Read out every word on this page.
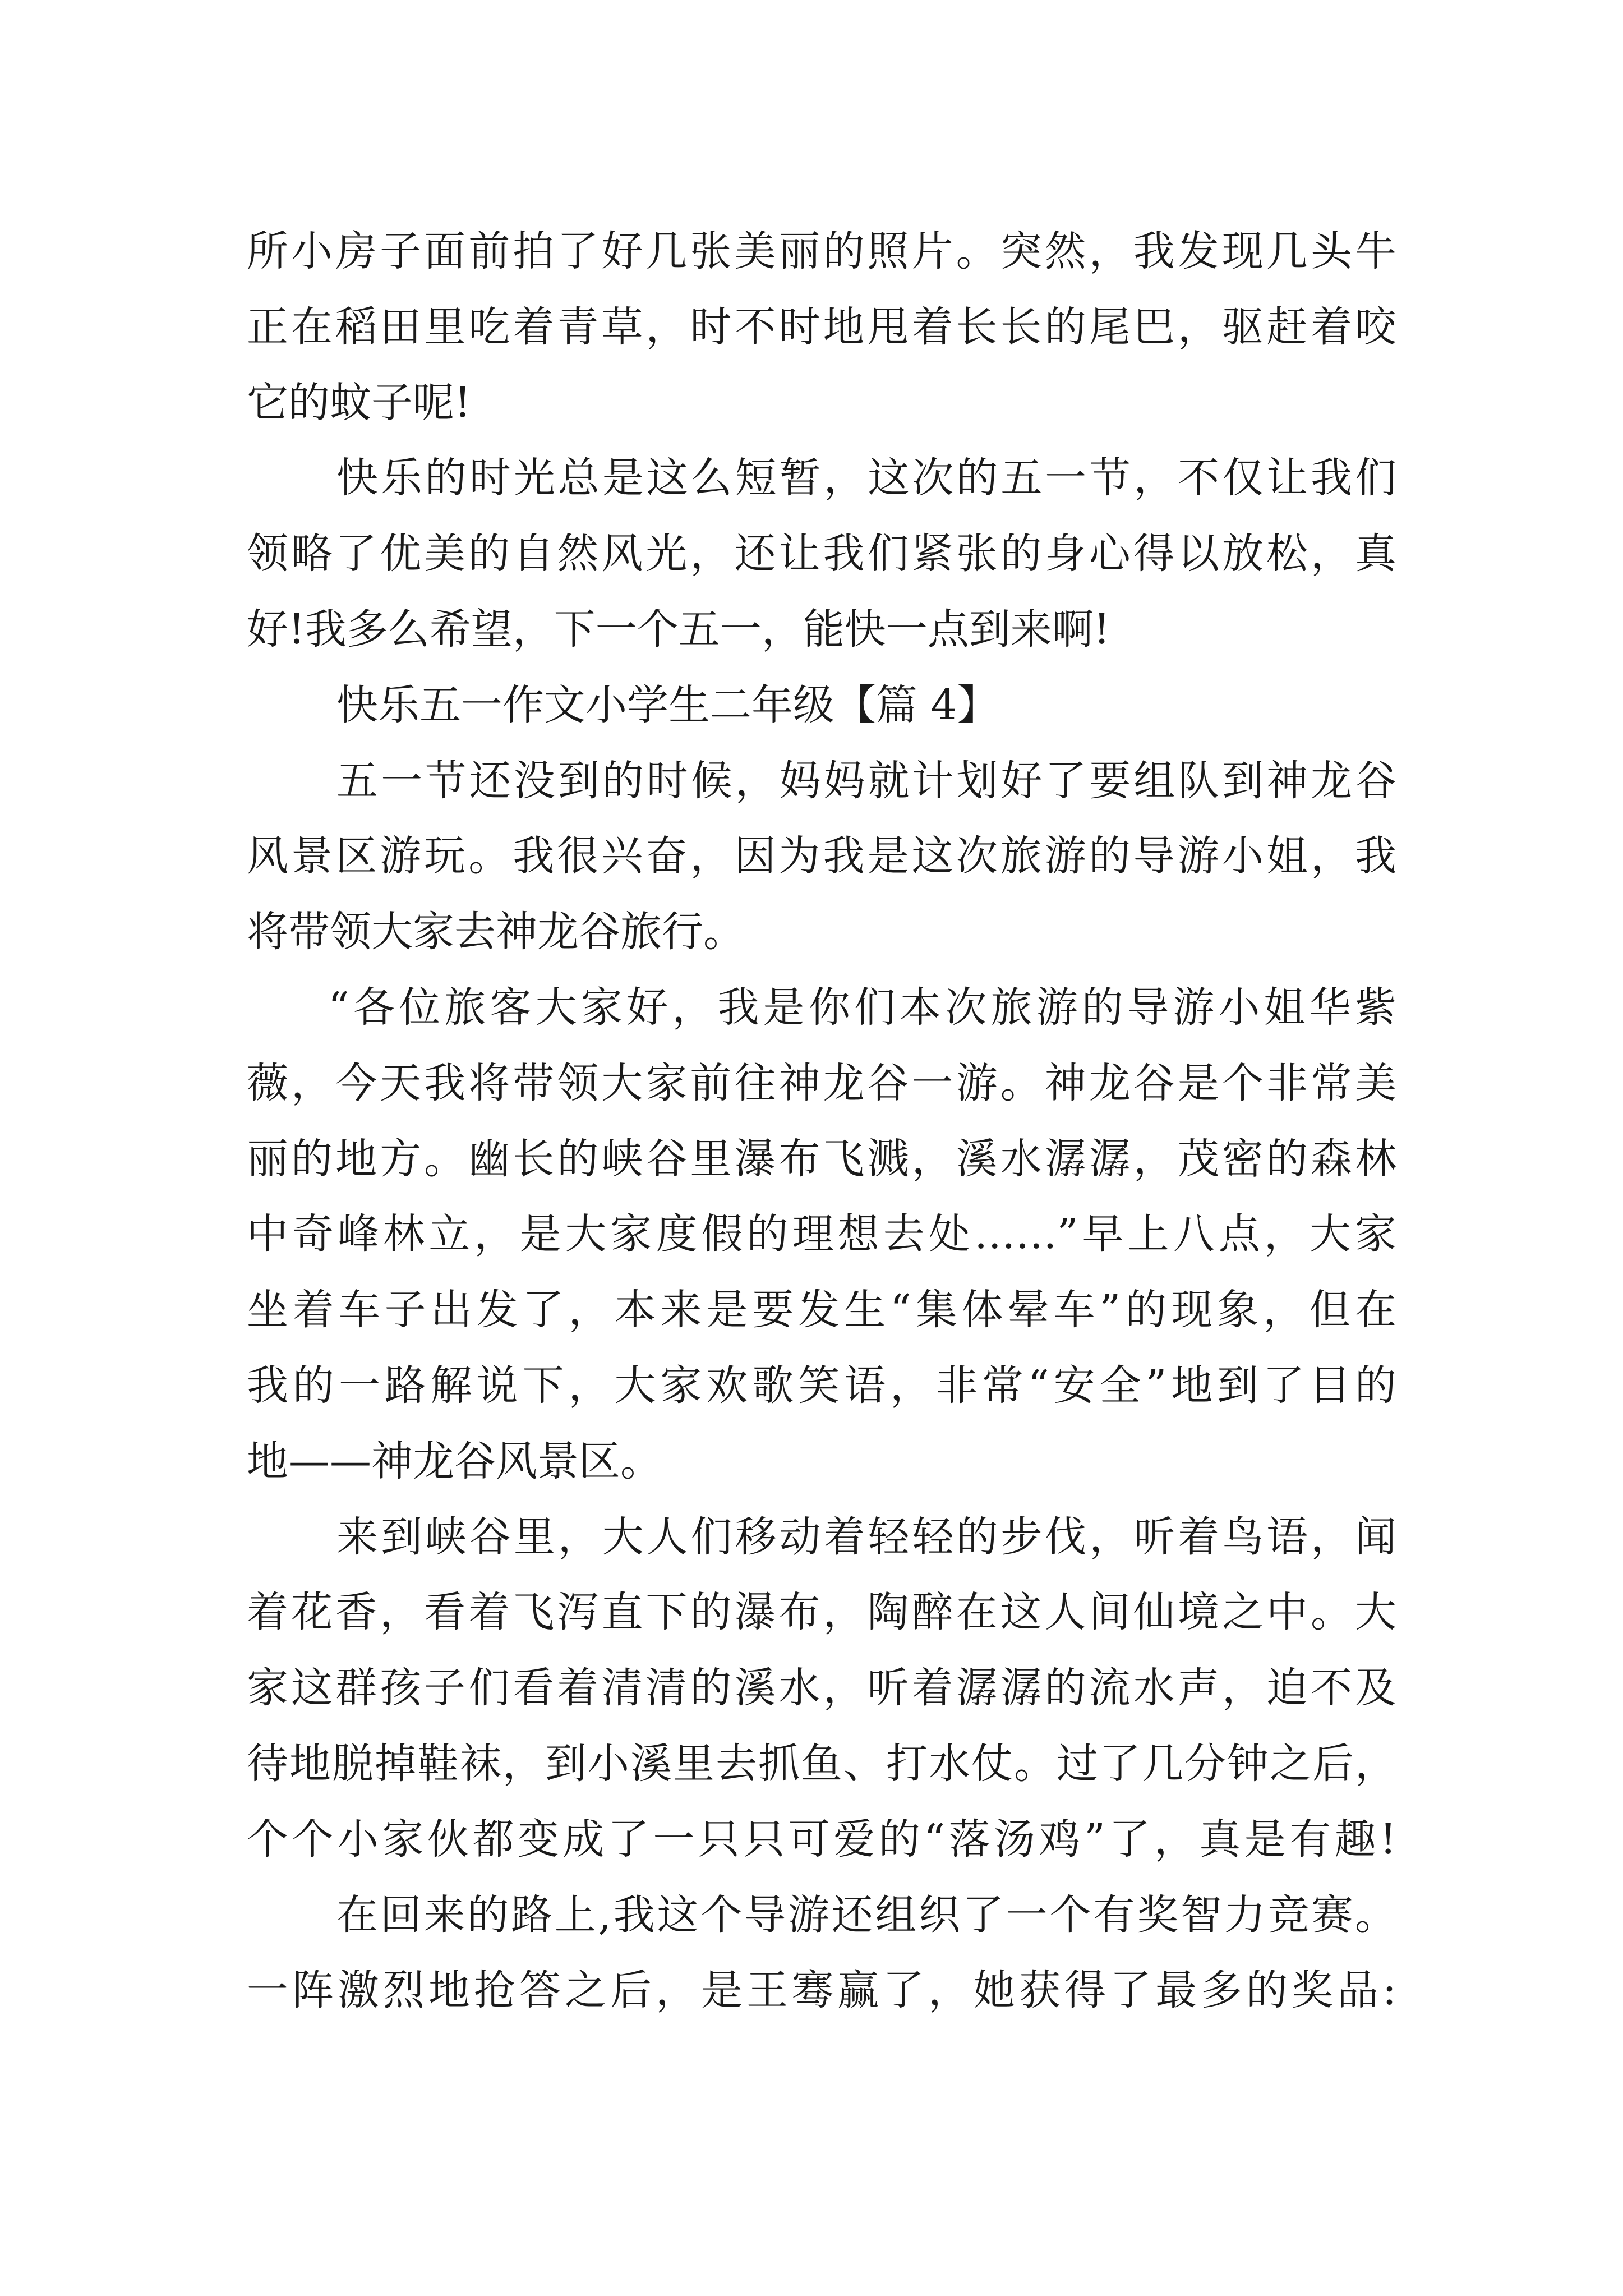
所小房子面前拍了好几张美丽的照片。突然，我发现几头牛

正在稻田里吃着青草，时不时地甩着长长的尾巴，驱赶着咬

它的蚊子呢!

快乐的时光总是这么短暂，这次的五一节，不仅让我们

领略了优美的自然风光，还让我们紧张的身心得以放松，真

好!我多么希望，下一个五一，能快一点到来啊!

快乐五一作文小学生二年级【篇 4】

五一节还没到的时候，妈妈就计划好了要组队到神龙谷

风景区游玩。我很兴奋，因为我是这次旅游的导游小姐，我

将带领大家去神龙谷旅行。

“各位旅客大家好，我是你们本次旅游的导游小姐华紫

薇，今天我将带领大家前往神龙谷一游。神龙谷是个非常美

丽的地方。幽长的峡谷里瀑布飞溅，溪水潺潺，茂密的森林

中奇峰林立，是大家度假的理想去处……”早上八点，大家

坐着车子出发了，本来是要发生“集体晕车”的现象，但在

我的一路解说下，大家欢歌笑语，非常“安全”地到了目的

地——神龙谷风景区。

来到峡谷里，大人们移动着轻轻的步伐，听着鸟语，闻

着花香，看着飞泻直下的瀑布，陶醉在这人间仙境之中。大

家这群孩子们看着清清的溪水，听着潺潺的流水声，迫不及

待地脱掉鞋袜，到小溪里去抓鱼、打水仗。过了几分钟之后，

个个小家伙都变成了一只只可爱的“落汤鸡”了，真是有趣!

在回来的路上,我这个导游还组织了一个有奖智力竞赛。

一阵激烈地抢答之后，是王骞赢了，她获得了最多的奖品:
